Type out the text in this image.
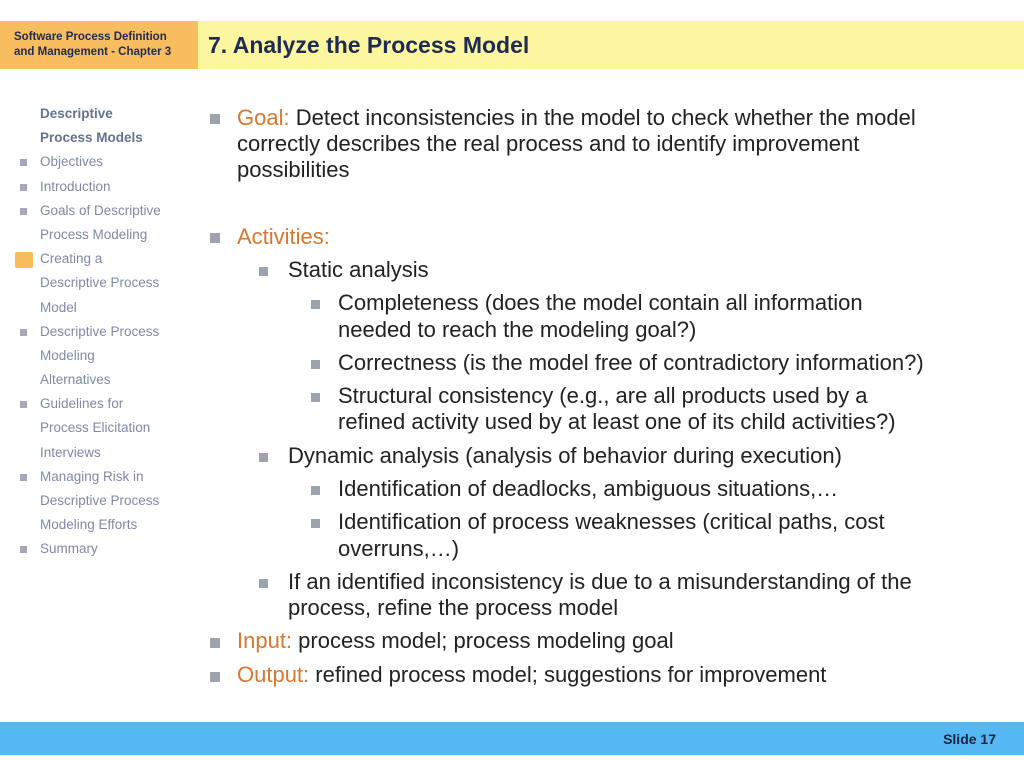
Software Process Definition
and Management - Chapter 3	7. Analyze the Process Model
Descriptive
Process Models
Objectives
Introduction
Goals of Descriptive
Process Modeling
Creating a
Descriptive Process
Model
Descriptive Process
Modeling
Alternatives
Guidelines for
Process Elicitation
Interviews
Managing Risk in
Descriptive Process
Modeling Efforts
Summary
Goal: Detect inconsistencies in the model to check whether the model
correctly describes the real process and to identify improvement
possibilities
Activities:
Static analysis
Completeness (does the model contain all information
needed to reach the modeling goal?)
Correctness (is the model free of contradictory information?)
Structural consistency (e.g., are all products used by a
refined activity used by at least one of its child activities?)
Dynamic analysis (analysis of behavior during execution)
Identification of deadlocks, ambiguous situations,…
Identification of process weaknesses (critical paths, cost
overruns,…)
If an identified inconsistency is due to a misunderstanding of the
process, refine the process model
Input: process model; process modeling goal
Output: refined process model; suggestions for improvement
Slide 17
